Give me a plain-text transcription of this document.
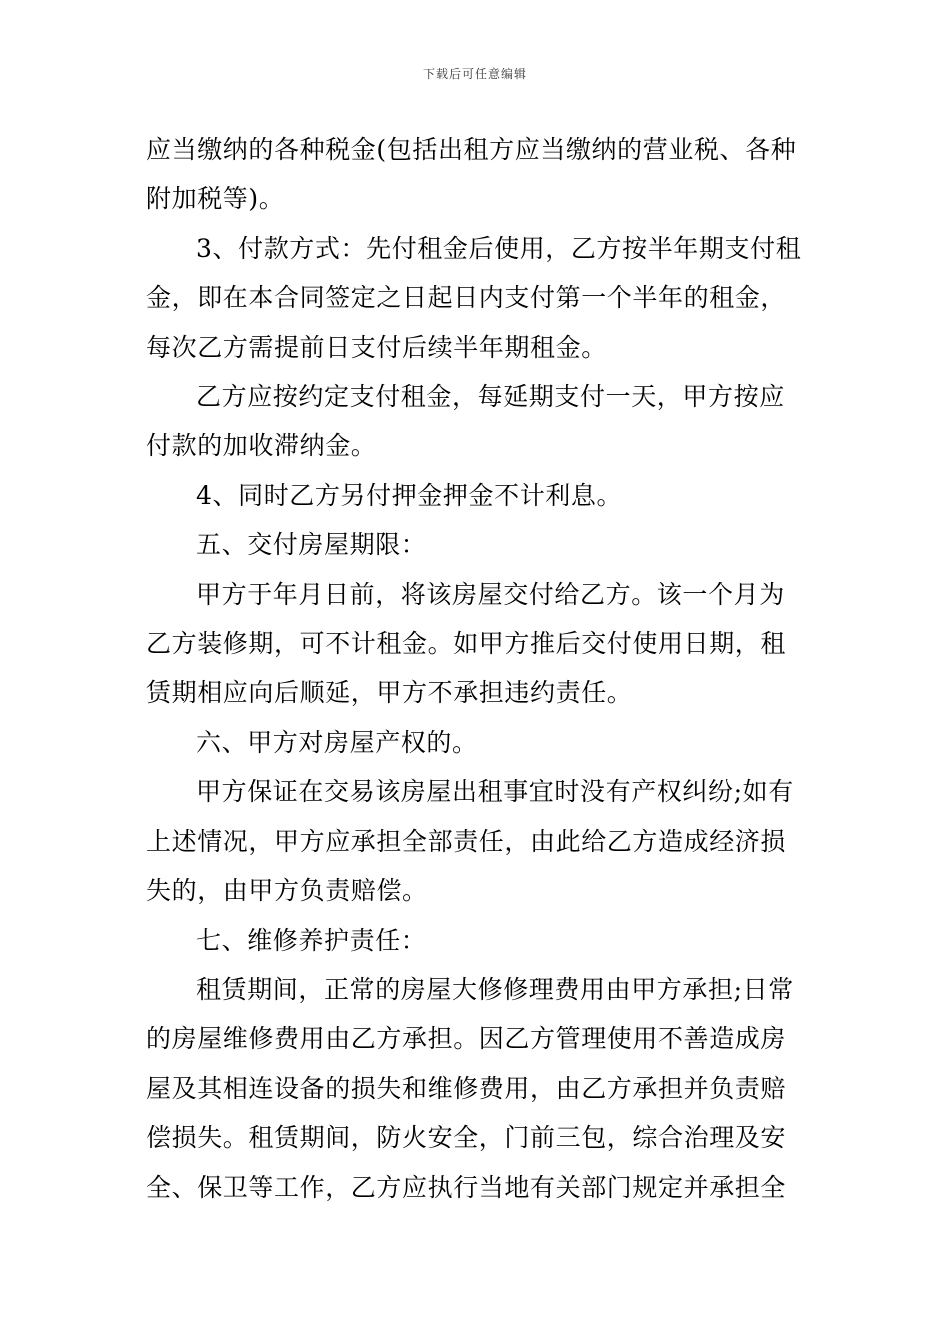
下载后可任意编辑

应当缴纳的各种税金(包括出租方应当缴纳的营业税、各种
附加税等)。

3、付款方式：先付租金后使用，乙方按半年期支付租
金，即在本合同签定之日起日内支付第一个半年的租金，
每次乙方需提前日支付后续半年期租金。

乙方应按约定支付租金，每延期支付一天，甲方按应
付款的加收滞纳金。

4、同时乙方另付押金押金不计利息。

五、交付房屋期限：

甲方于年月日前，将该房屋交付给乙方。该一个月为
乙方装修期，可不计租金。如甲方推后交付使用日期，租
赁期相应向后顺延，甲方不承担违约责任。

六、甲方对房屋产权的。

甲方保证在交易该房屋出租事宜时没有产权纠纷;如有
上述情况，甲方应承担全部责任，由此给乙方造成经济损
失的，由甲方负责赔偿。

七、维修养护责任：

租赁期间，正常的房屋大修修理费用由甲方承担;日常
的房屋维修费用由乙方承担。因乙方管理使用不善造成房
屋及其相连设备的损失和维修费用，由乙方承担并负责赔
偿损失。租赁期间，防火安全，门前三包，综合治理及安
全、保卫等工作，乙方应执行当地有关部门规定并承担全
